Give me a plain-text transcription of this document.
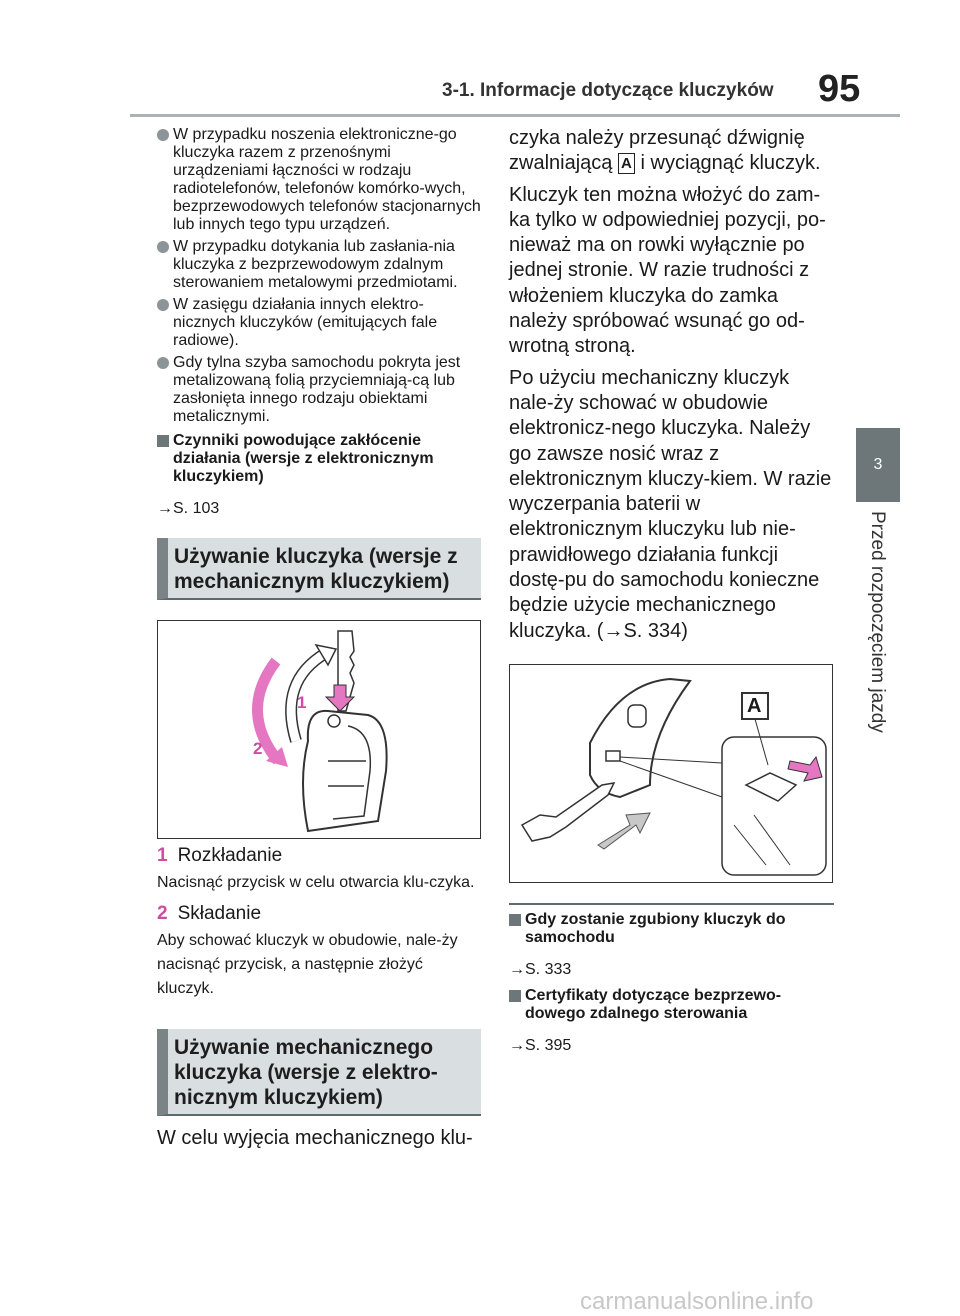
3-1. Informacje dotyczące kluczyków 95
3
Przed rozpoczęciem jazdy
W przypadku noszenia elektroniczne-go kluczyka razem z przenośnymi urządzeniami łączności w rodzaju radiotelefonów, telefonów komórko-wych, bezprzewodowych telefonów stacjonarnych lub innych tego typu urządzeń.
W przypadku dotykania lub zasłania-nia kluczyka z bezprzewodowym zdalnym sterowaniem metalowymi przedmiotami.
W zasięgu działania innych elektro-nicznych kluczyków (emitujących fale radiowe).
Gdy tylna szyba samochodu pokryta jest metalizowaną folią przyciemniają-cą lub zasłonięta innego rodzaju obiektami metalicznymi.
Czynniki powodujące zakłócenie działania (wersje z elektronicznym kluczykiem)
→S. 103
Używanie kluczyka (wersje z mechanicznym kluczykiem)
1
2
1 Rozkładanie
Nacisnąć przycisk w celu otwarcia klu-czyka.
2 Składanie
Aby schować kluczyk w obudowie, nale-ży nacisnąć przycisk, a następnie złożyć kluczyk.
Używanie mechanicznego kluczyka (wersje z elektro-nicznym kluczykiem)
W celu wyjęcia mechanicznego klu-
czyka należy przesunąć dźwignię zwalniającą A i wyciągnąć kluczyk.
Kluczyk ten można włożyć do zam-ka tylko w odpowiedniej pozycji, po-nieważ ma on rowki wyłącznie po jednej stronie. W razie trudności z włożeniem kluczyka do zamka należy spróbować wsunąć go od-wrotną stroną.
Po użyciu mechaniczny kluczyk nale-ży schować w obudowie elektronicz-nego kluczyka. Należy go zawsze nosić wraz z elektronicznym kluczy-kiem. W razie wyczerpania baterii w elektronicznym kluczyku lub nie-prawidłowego działania funkcji dostę-pu do samochodu konieczne będzie użycie mechanicznego kluczyka. (→S. 334)
A
Gdy zostanie zgubiony kluczyk do samochodu
→S. 333
Certyfikaty dotyczące bezprzewo-dowego zdalnego sterowania
→S. 395
carmanualsonline.info
